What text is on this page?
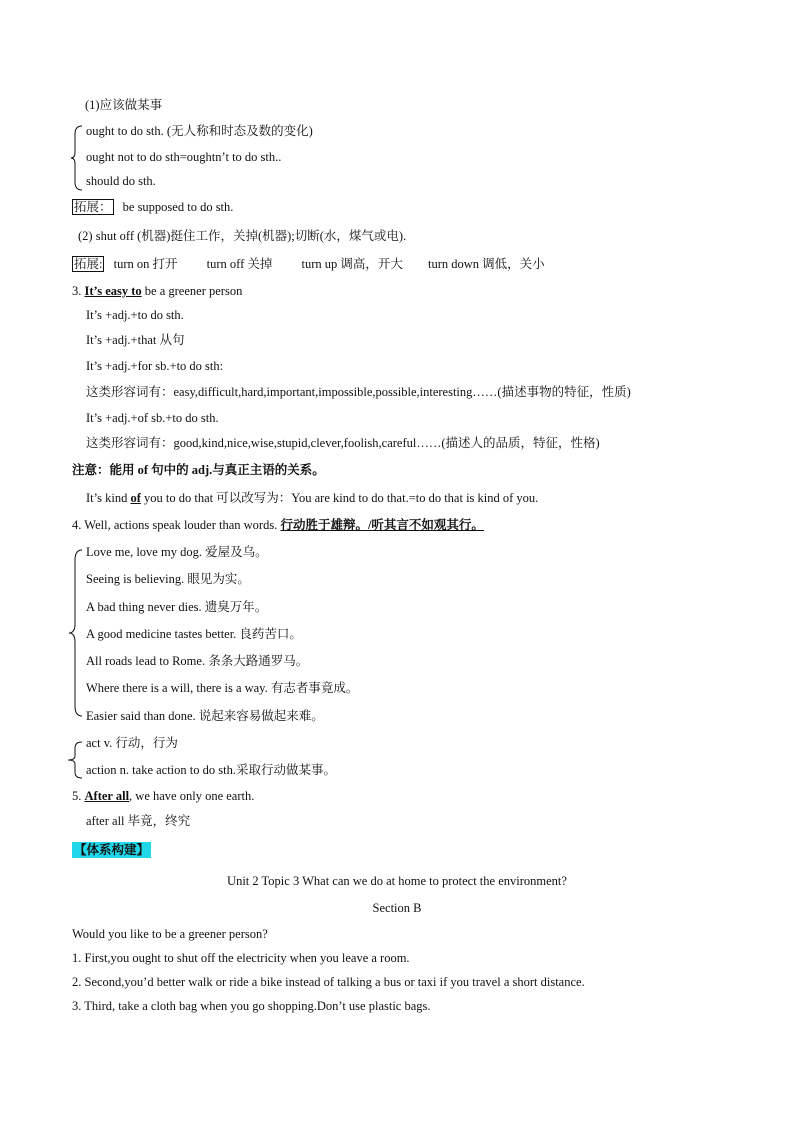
(1)应该做某事
ought to do sth. (无人称和时态及数的变化)
ought not to do sth=oughtn’t to do sth..
should do sth.
拓展： be supposed to do sth.
(2) shut off (机器)挺住工作，关掉(机器);切断(水，煤气或电).
拓展: turn on 打开 turn off 关掉 turn up 调高，开大 turn down 调低，关小
3. It’s easy to be a greener person
It’s +adj.+to do sth.
It’s +adj.+that 从句
It’s +adj.+for sb.+to do sth:
这类形容词有：easy,difficult,hard,important,impossible,possible,interesting……(描述事物的特征，性质)
It’s +adj.+of sb.+to do sth.
这类形容词有：good,kind,nice,wise,stupid,clever,foolish,careful……(描述人的品质，特征，性格)
注意：能用 of 句中的 adj.与真正主语的关系。
It’s kind of you to do that 可以改写为：You are kind to do that.=to do that is kind of you.
4. Well, actions speak louder than words. 行动胜于雄辩。/听其言不如观其行。
Love me, love my dog. 爱屋及乌。
Seeing is believing. 眼见为实。
A bad thing never dies. 遗臭万年。
A good medicine tastes better. 良药苦口。
All roads lead to Rome. 条条大路通罗马。
Where there is a will, there is a way. 有志者事竟成。
Easier said than done. 说起来容易做起来难。
act v. 行动，行为
action n. take action to do sth.采取行动做某事。
5. After all, we have only one earth.
after all 毕竟，终究
【体系构建】
Unit 2 Topic 3 What can we do at home to protect the environment?
Section B
Would you like to be a greener person?
1. First,you ought to shut off the electricity when you leave a room.
2. Second,you’d better walk or ride a bike instead of talking a bus or taxi if you travel a short distance.
3. Third, take a cloth bag when you go shopping.Don’t use plastic bags.
